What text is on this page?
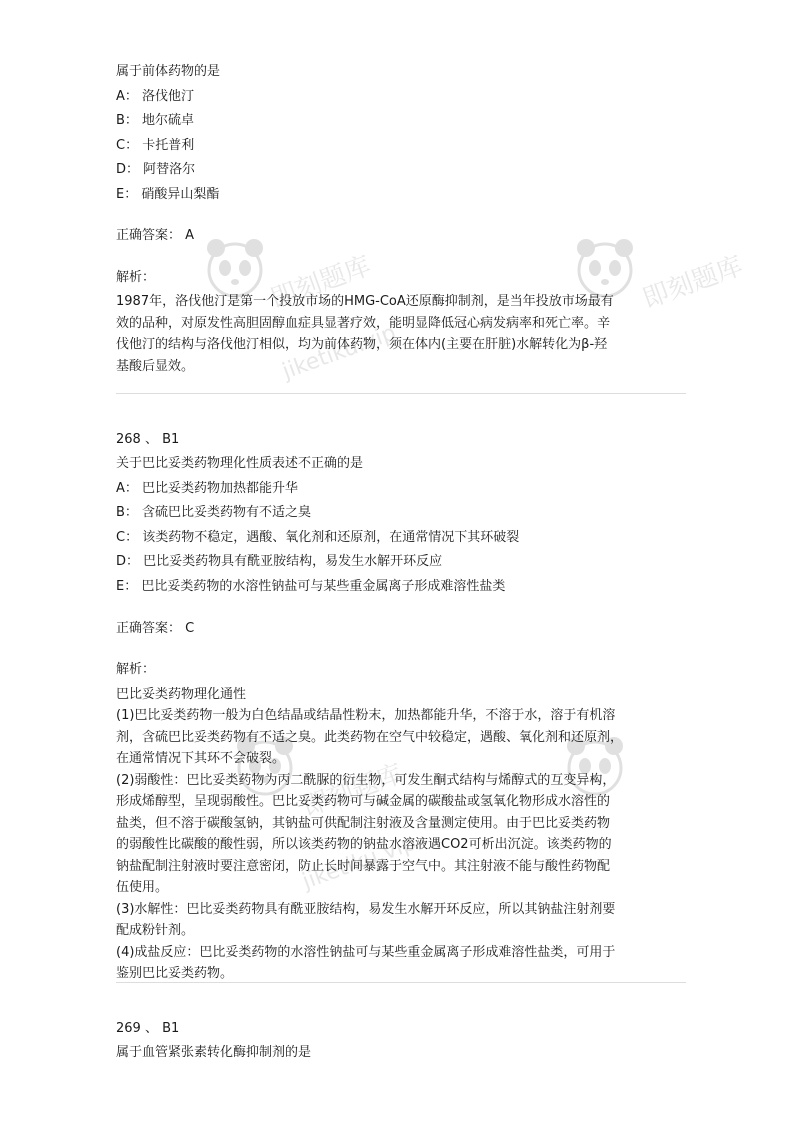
即刻题库	即刻题库
jiketiku.vip
即刻题库
jiketiku.vip
属于前体药物的是
A： 洛伐他汀
B： 地尔硫卓
C： 卡托普利
D： 阿替洛尔
E： 硝酸异山梨酯
正确答案： A
解析：
1987年，洛伐他汀是第一个投放市场的HMG-CoA还原酶抑制剂，是当年投放市场最有
效的品种，对原发性高胆固醇血症具显著疗效，能明显降低冠心病发病率和死亡率。辛
伐他汀的结构与洛伐他汀相似，均为前体药物，须在体内(主要在肝脏)水解转化为β-羟
基酸后显效。
268 、 B1
关于巴比妥类药物理化性质表述不正确的是
A： 巴比妥类药物加热都能升华
B： 含硫巴比妥类药物有不适之臭
C： 该类药物不稳定，遇酸、氧化剂和还原剂，在通常情况下其环破裂
D： 巴比妥类药物具有酰亚胺结构，易发生水解开环反应
E： 巴比妥类药物的水溶性钠盐可与某些重金属离子形成难溶性盐类
正确答案： C
解析：
巴比妥类药物理化通性
(1)巴比妥类药物一般为白色结晶或结晶性粉末，加热都能升华，不溶于水，溶于有机溶
剂，含硫巴比妥类药物有不适之臭。此类药物在空气中较稳定，遇酸、氧化剂和还原剂，
在通常情况下其环不会破裂。
(2)弱酸性：巴比妥类药物为丙二酰脲的衍生物，可发生酮式结构与烯醇式的互变异构，
形成烯醇型，呈现弱酸性。巴比妥类药物可与碱金属的碳酸盐或氢氧化物形成水溶性的
盐类，但不溶于碳酸氢钠，其钠盐可供配制注射液及含量测定使用。由于巴比妥类药物
的弱酸性比碳酸的酸性弱，所以该类药物的钠盐水溶液遇CO2可析出沉淀。该类药物的
钠盐配制注射液时要注意密闭，防止长时间暴露于空气中。其注射液不能与酸性药物配
伍使用。
(3)水解性：巴比妥类药物具有酰亚胺结构，易发生水解开环反应，所以其钠盐注射剂要
配成粉针剂。
(4)成盐反应：巴比妥类药物的水溶性钠盐可与某些重金属离子形成难溶性盐类，可用于
鉴别巴比妥类药物。
269 、 B1
属于血管紧张素转化酶抑制剂的是
